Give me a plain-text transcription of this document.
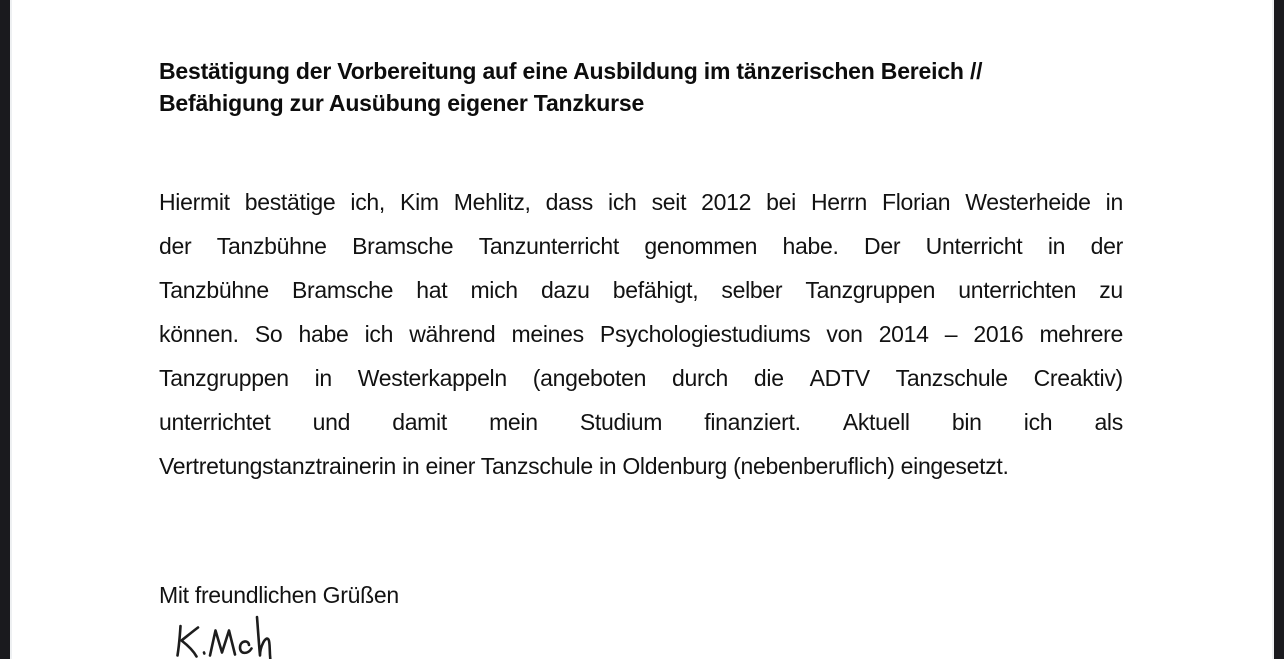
Bestätigung der Vorbereitung auf eine Ausbildung im tänzerischen Bereich //
Befähigung zur Ausübung eigener Tanzkurse
Hiermit bestätige ich, Kim Mehlitz, dass ich seit 2012 bei Herrn Florian Westerheide in
der Tanzbühne Bramsche Tanzunterricht genommen habe. Der Unterricht in der
Tanzbühne Bramsche hat mich dazu befähigt, selber Tanzgruppen unterrichten zu
können. So habe ich während meines Psychologiestudiums von 2014 – 2016 mehrere
Tanzgruppen in Westerkappeln (angeboten durch die ADTV Tanzschule Creaktiv)
unterrichtet und damit mein Studium finanziert. Aktuell bin ich als
Vertretungstanztrainerin in einer Tanzschule in Oldenburg (nebenberuflich) eingesetzt.
Mit freundlichen Grüßen
